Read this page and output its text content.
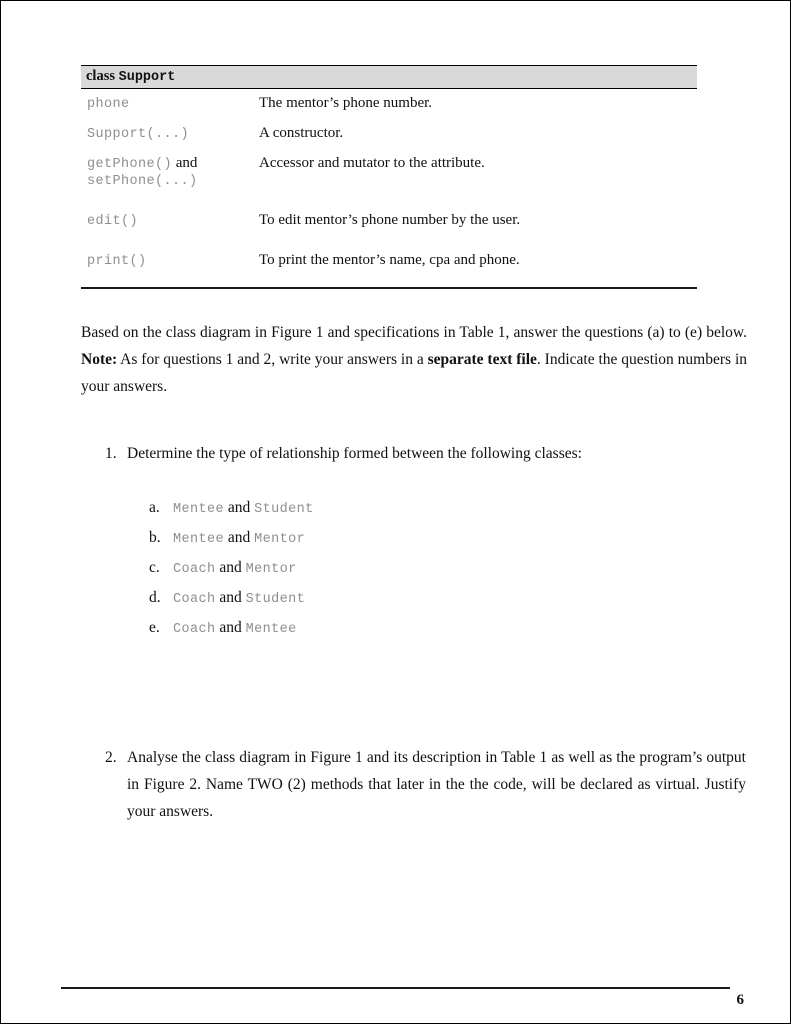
class Support	
phone	The mentor’s phone number.
Support(...)	A constructor.
getPhone() and
setPhone(...)	Accessor and mutator to the attribute.
edit()	To edit mentor’s phone number by the user.
print()	To print the mentor’s name, cpa and phone.

Based on the class diagram in Figure 1 and specifications in Table 1, answer the questions (a) to (e) below. Note: As for questions 1 and 2, write your answers in a separate text file. Indicate the question numbers in your answers.

1. Determine the type of relationship formed between the following classes:
a. Mentee and Student
b. Mentee and Mentor
c. Coach and Mentor
d. Coach and Student
e. Coach and Mentee
2. Analyse the class diagram in Figure 1 and its description in Table 1 as well as the program’s output in Figure 2. Name TWO (2) methods that later in the the code, will be declared as virtual. Justify your answers.
6
